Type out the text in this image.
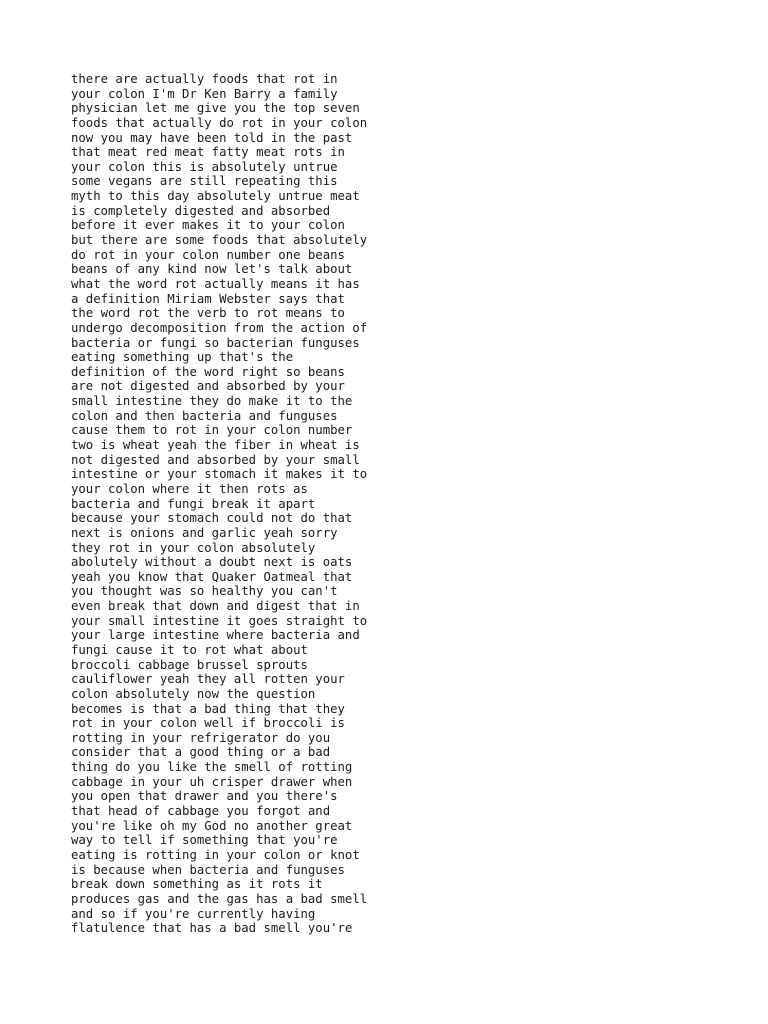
there are actually foods that rot in
your colon I'm Dr Ken Barry a family
physician let me give you the top seven
foods that actually do rot in your colon
now you may have been told in the past
that meat red meat fatty meat rots in
your colon this is absolutely untrue
some vegans are still repeating this
myth to this day absolutely untrue meat
is completely digested and absorbed
before it ever makes it to your colon
but there are some foods that absolutely
do rot in your colon number one beans
beans of any kind now let's talk about
what the word rot actually means it has
a definition Miriam Webster says that
the word rot the verb to rot means to
undergo decomposition from the action of
bacteria or fungi so bacterian funguses
eating something up that's the
definition of the word right so beans
are not digested and absorbed by your
small intestine they do make it to the
colon and then bacteria and funguses
cause them to rot in your colon number
two is wheat yeah the fiber in wheat is
not digested and absorbed by your small
intestine or your stomach it makes it to
your colon where it then rots as
bacteria and fungi break it apart
because your stomach could not do that
next is onions and garlic yeah sorry
they rot in your colon absolutely
abolutely without a doubt next is oats
yeah you know that Quaker Oatmeal that
you thought was so healthy you can't
even break that down and digest that in
your small intestine it goes straight to
your large intestine where bacteria and
fungi cause it to rot what about
broccoli cabbage brussel sprouts
cauliflower yeah they all rotten your
colon absolutely now the question
becomes is that a bad thing that they
rot in your colon well if broccoli is
rotting in your refrigerator do you
consider that a good thing or a bad
thing do you like the smell of rotting
cabbage in your uh crisper drawer when
you open that drawer and you there's
that head of cabbage you forgot and
you're like oh my God no another great
way to tell if something that you're
eating is rotting in your colon or knot
is because when bacteria and funguses
break down something as it rots it
produces gas and the gas has a bad smell
and so if you're currently having
flatulence that has a bad smell you're
